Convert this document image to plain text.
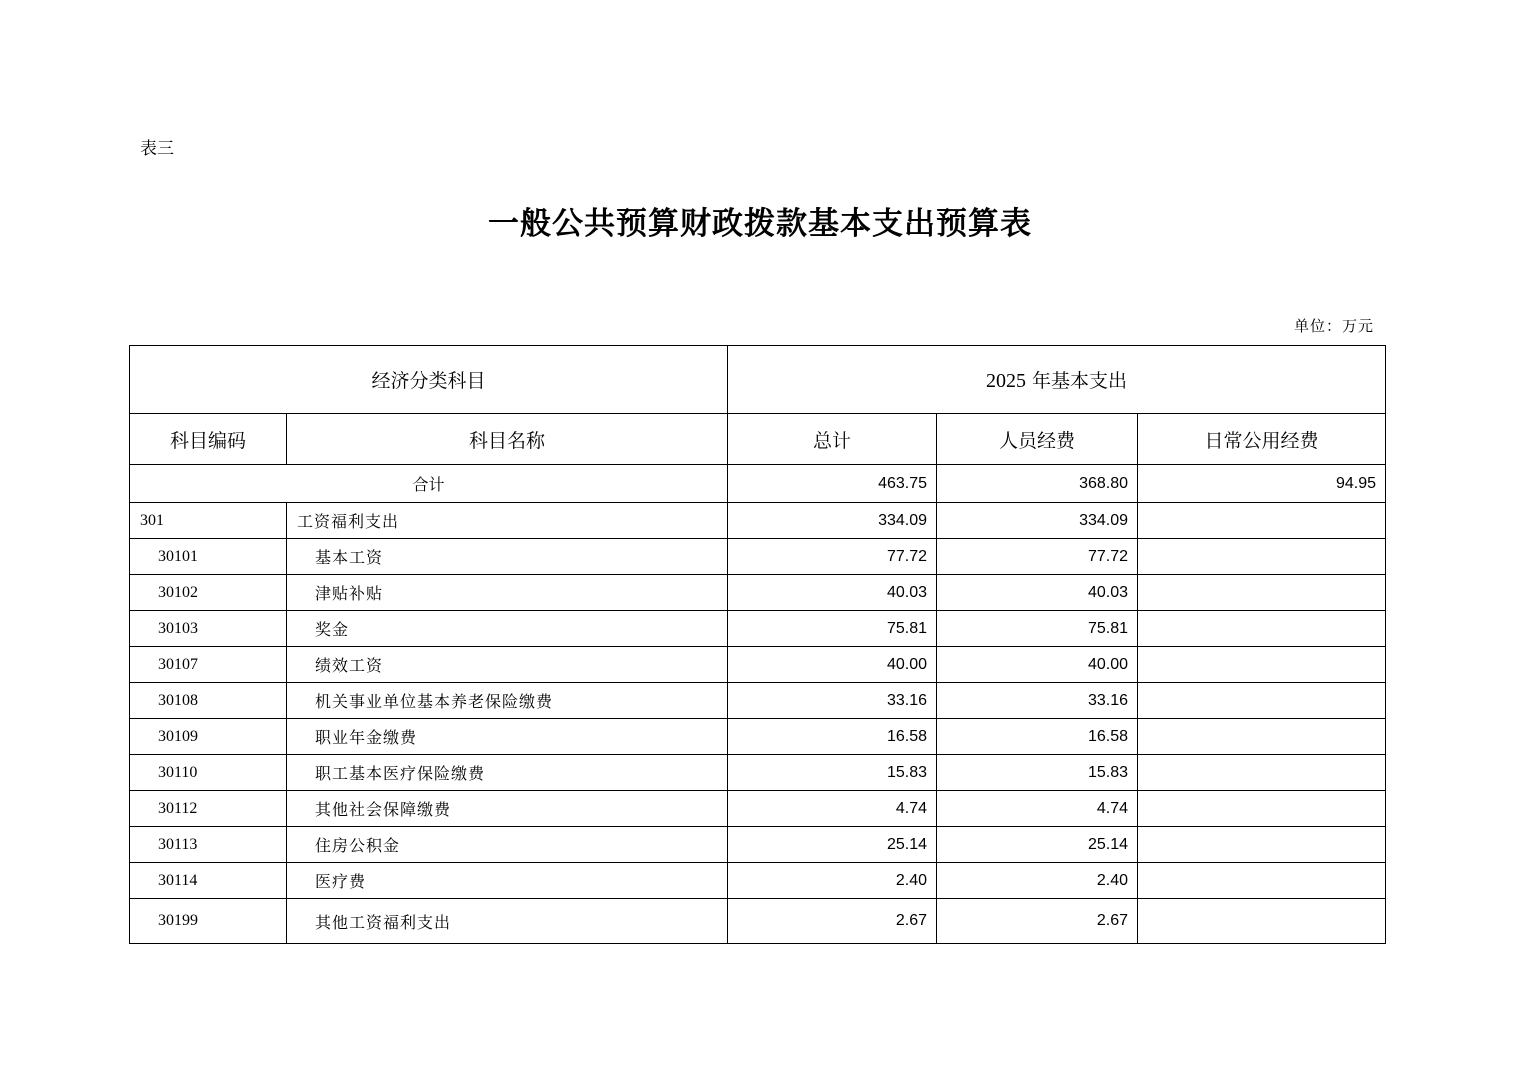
表三
一般公共预算财政拨款基本支出预算表
单位：万元
经济分类科目		2025 年基本支出		
科目编码	科目名称	总计	人员经费	日常公用经费
合计		463.75	368.80	94.95
301	工资福利支出	334.09	334.09	
30101	基本工资	77.72	77.72	
30102	津贴补贴	40.03	40.03	
30103	奖金	75.81	75.81	
30107	绩效工资	40.00	40.00	
30108	机关事业单位基本养老保险缴费	33.16	33.16	
30109	职业年金缴费	16.58	16.58	
30110	职工基本医疗保险缴费	15.83	15.83	
30112	其他社会保障缴费	4.74	4.74	
30113	住房公积金	25.14	25.14	
30114	医疗费	2.40	2.40	
30199	其他工资福利支出	2.67	2.67	
